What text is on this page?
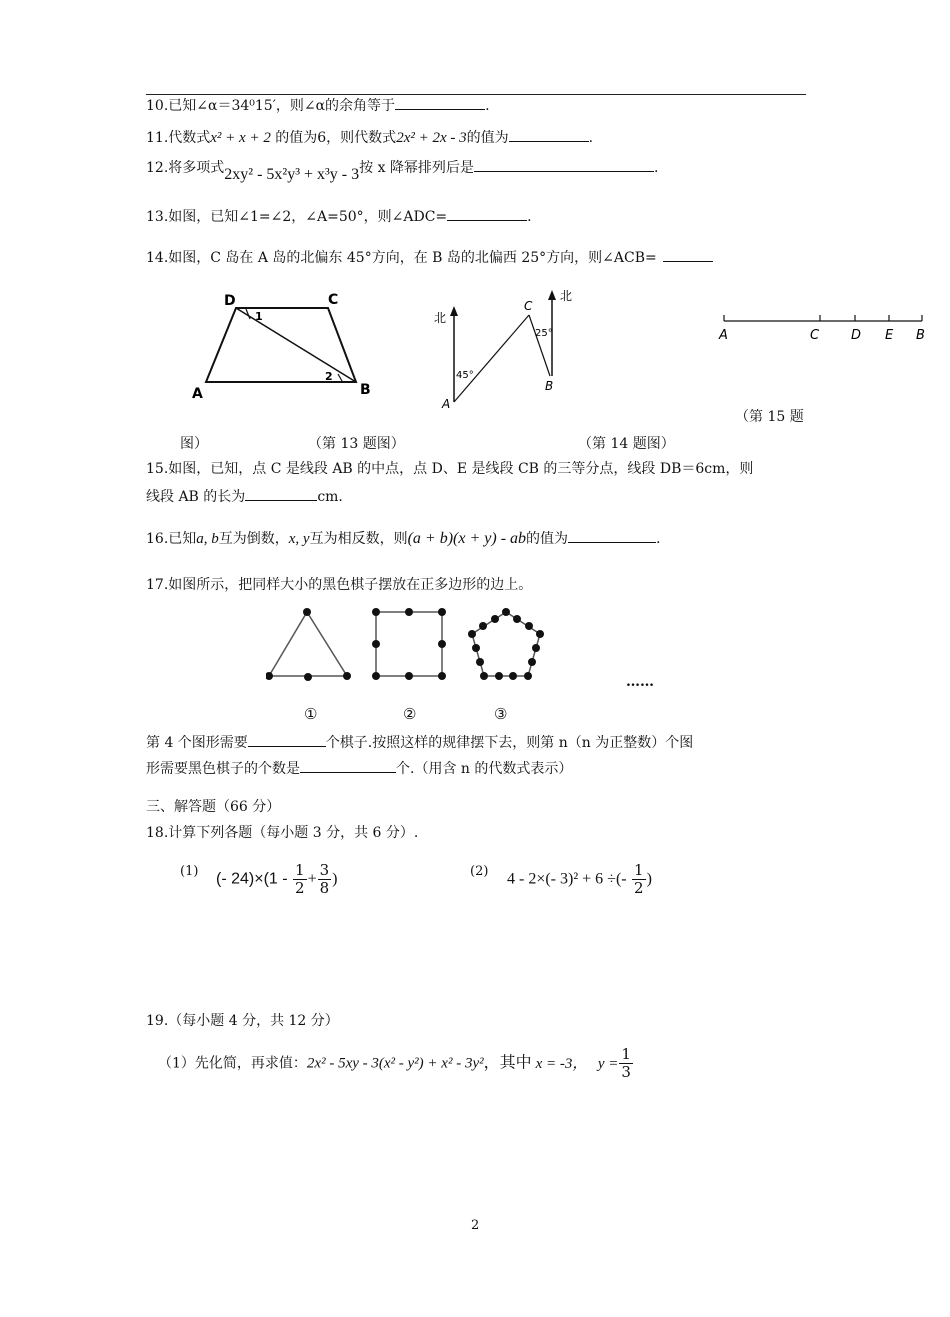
10.已知∠α＝34⁰15′，则∠α的余角等于	.
11.代数式x² + x + 2 的值为6，则代数式2x² + 2x - 3的值为	.
12.将多项式2xy² - 5x²y³ + x³y - 3按 x 降幂排列后是	.
13.如图，已知∠1=∠2，∠A=50°，则∠ADC=	.
14.如图，C 岛在 A 岛的北偏东 45°方向，在 B 岛的北偏西 25°方向，则∠ACB=
D	C
A	B
1
2
北
北
45°
25°
C
A
B
A	C D E B
（第 15 题
图）	（第 13 题图）	（第 14 题图）
15.如图，已知，点 C 是线段 AB 的中点，点 D、E 是线段 CB 的三等分点，线段 DB＝6cm，则
线段 AB 的长为	cm.
16.已知a, b互为倒数，x, y互为相反数，则(a + b)(x + y) - ab的值为	.
17.如图所示，把同样大小的黑色棋子摆放在正多边形的边上。
……
①	②	③
第 4 个图形需要	个棋子.按照这样的规律摆下去，则第 n（n 为正整数）个图
形需要黑色棋子的个数是	个.（用含 n 的代数式表示）
三、解答题（66 分）
18.计算下列各题（每小题 3 分，共 6 分）.
(1) (- $24)\times(1 - \frac{1}{2} + \frac{3}{8}$ )	(2) 4 - 2×(- 3)² + 6 ÷(- $\frac{1}{2}$ )
19.（每小题 4 分，共 12 分）
（1）先化简，再求值：2x² - 5xy - 3(x² - y²) + x² - 3y²，其中 x = -3， $y = \frac{1}{3}$
2
